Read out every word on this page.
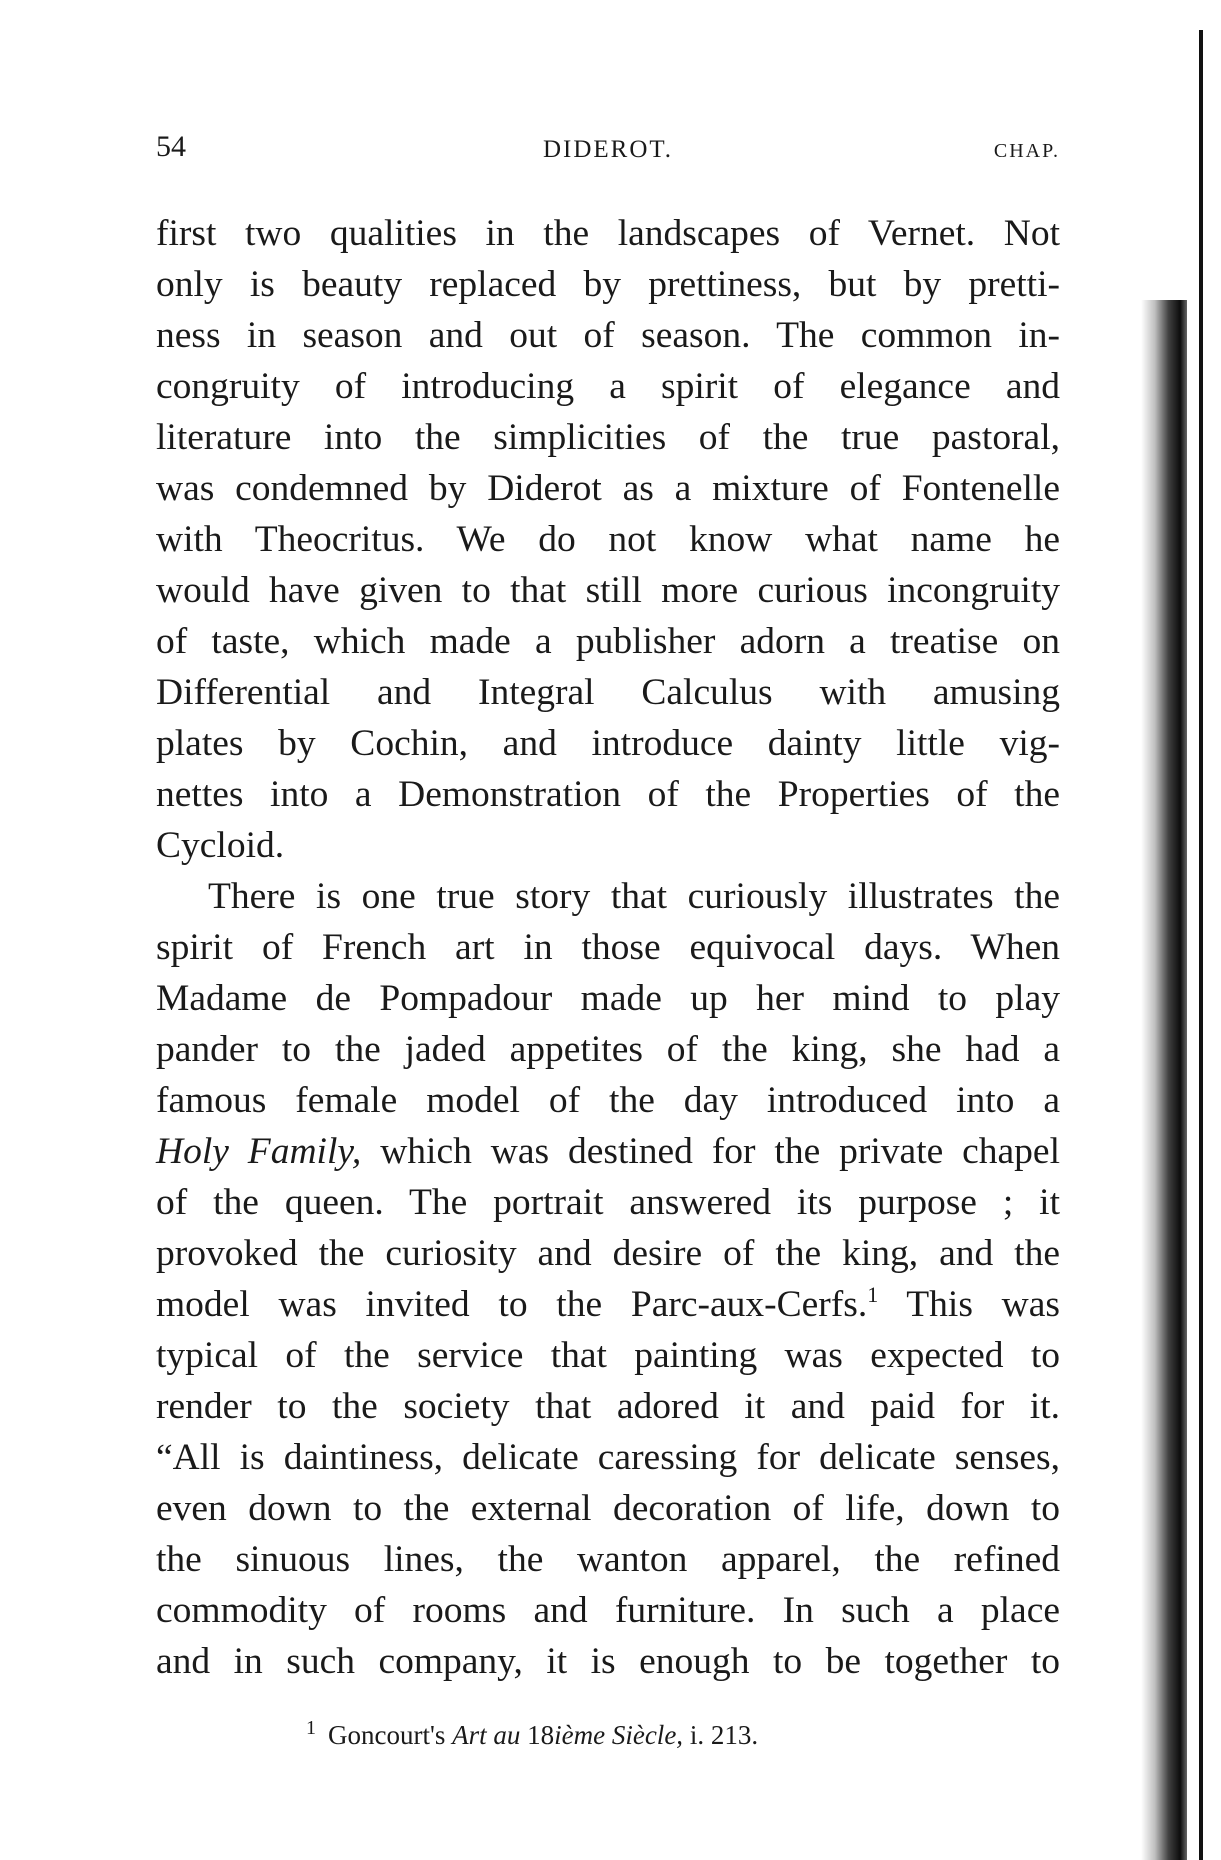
54	DIDEROT.	CHAP.
first two qualities in the landscapes of Vernet. Not
only is beauty replaced by prettiness, but by pretti-
ness in season and out of season. The common in-
congruity of introducing a spirit of elegance and
literature into the simplicities of the true pastoral,
was condemned by Diderot as a mixture of Fontenelle
with Theocritus. We do not know what name he
would have given to that still more curious incongruity
of taste, which made a publisher adorn a treatise on
Differential and Integral Calculus with amusing
plates by Cochin, and introduce dainty little vig-
nettes into a Demonstration of the Properties of the
Cycloid.
There is one true story that curiously illustrates the
spirit of French art in those equivocal days. When
Madame de Pompadour made up her mind to play
pander to the jaded appetites of the king, she had a
famous female model of the day introduced into a
Holy Family, which was destined for the private chapel
of the queen. The portrait answered its purpose ; it
provoked the curiosity and desire of the king, and the
model was invited to the Parc-aux-Cerfs.$^1$ This was
typical of the service that painting was expected to
render to the society that adored it and paid for it.
“All is daintiness, delicate caressing for delicate senses,
even down to the external decoration of life, down to
the sinuous lines, the wanton apparel, the refined
commodity of rooms and furniture. In such a place
and in such company, it is enough to be together to
$^1$ Goncourt's Art au 18ième Siècle, i. 213.
